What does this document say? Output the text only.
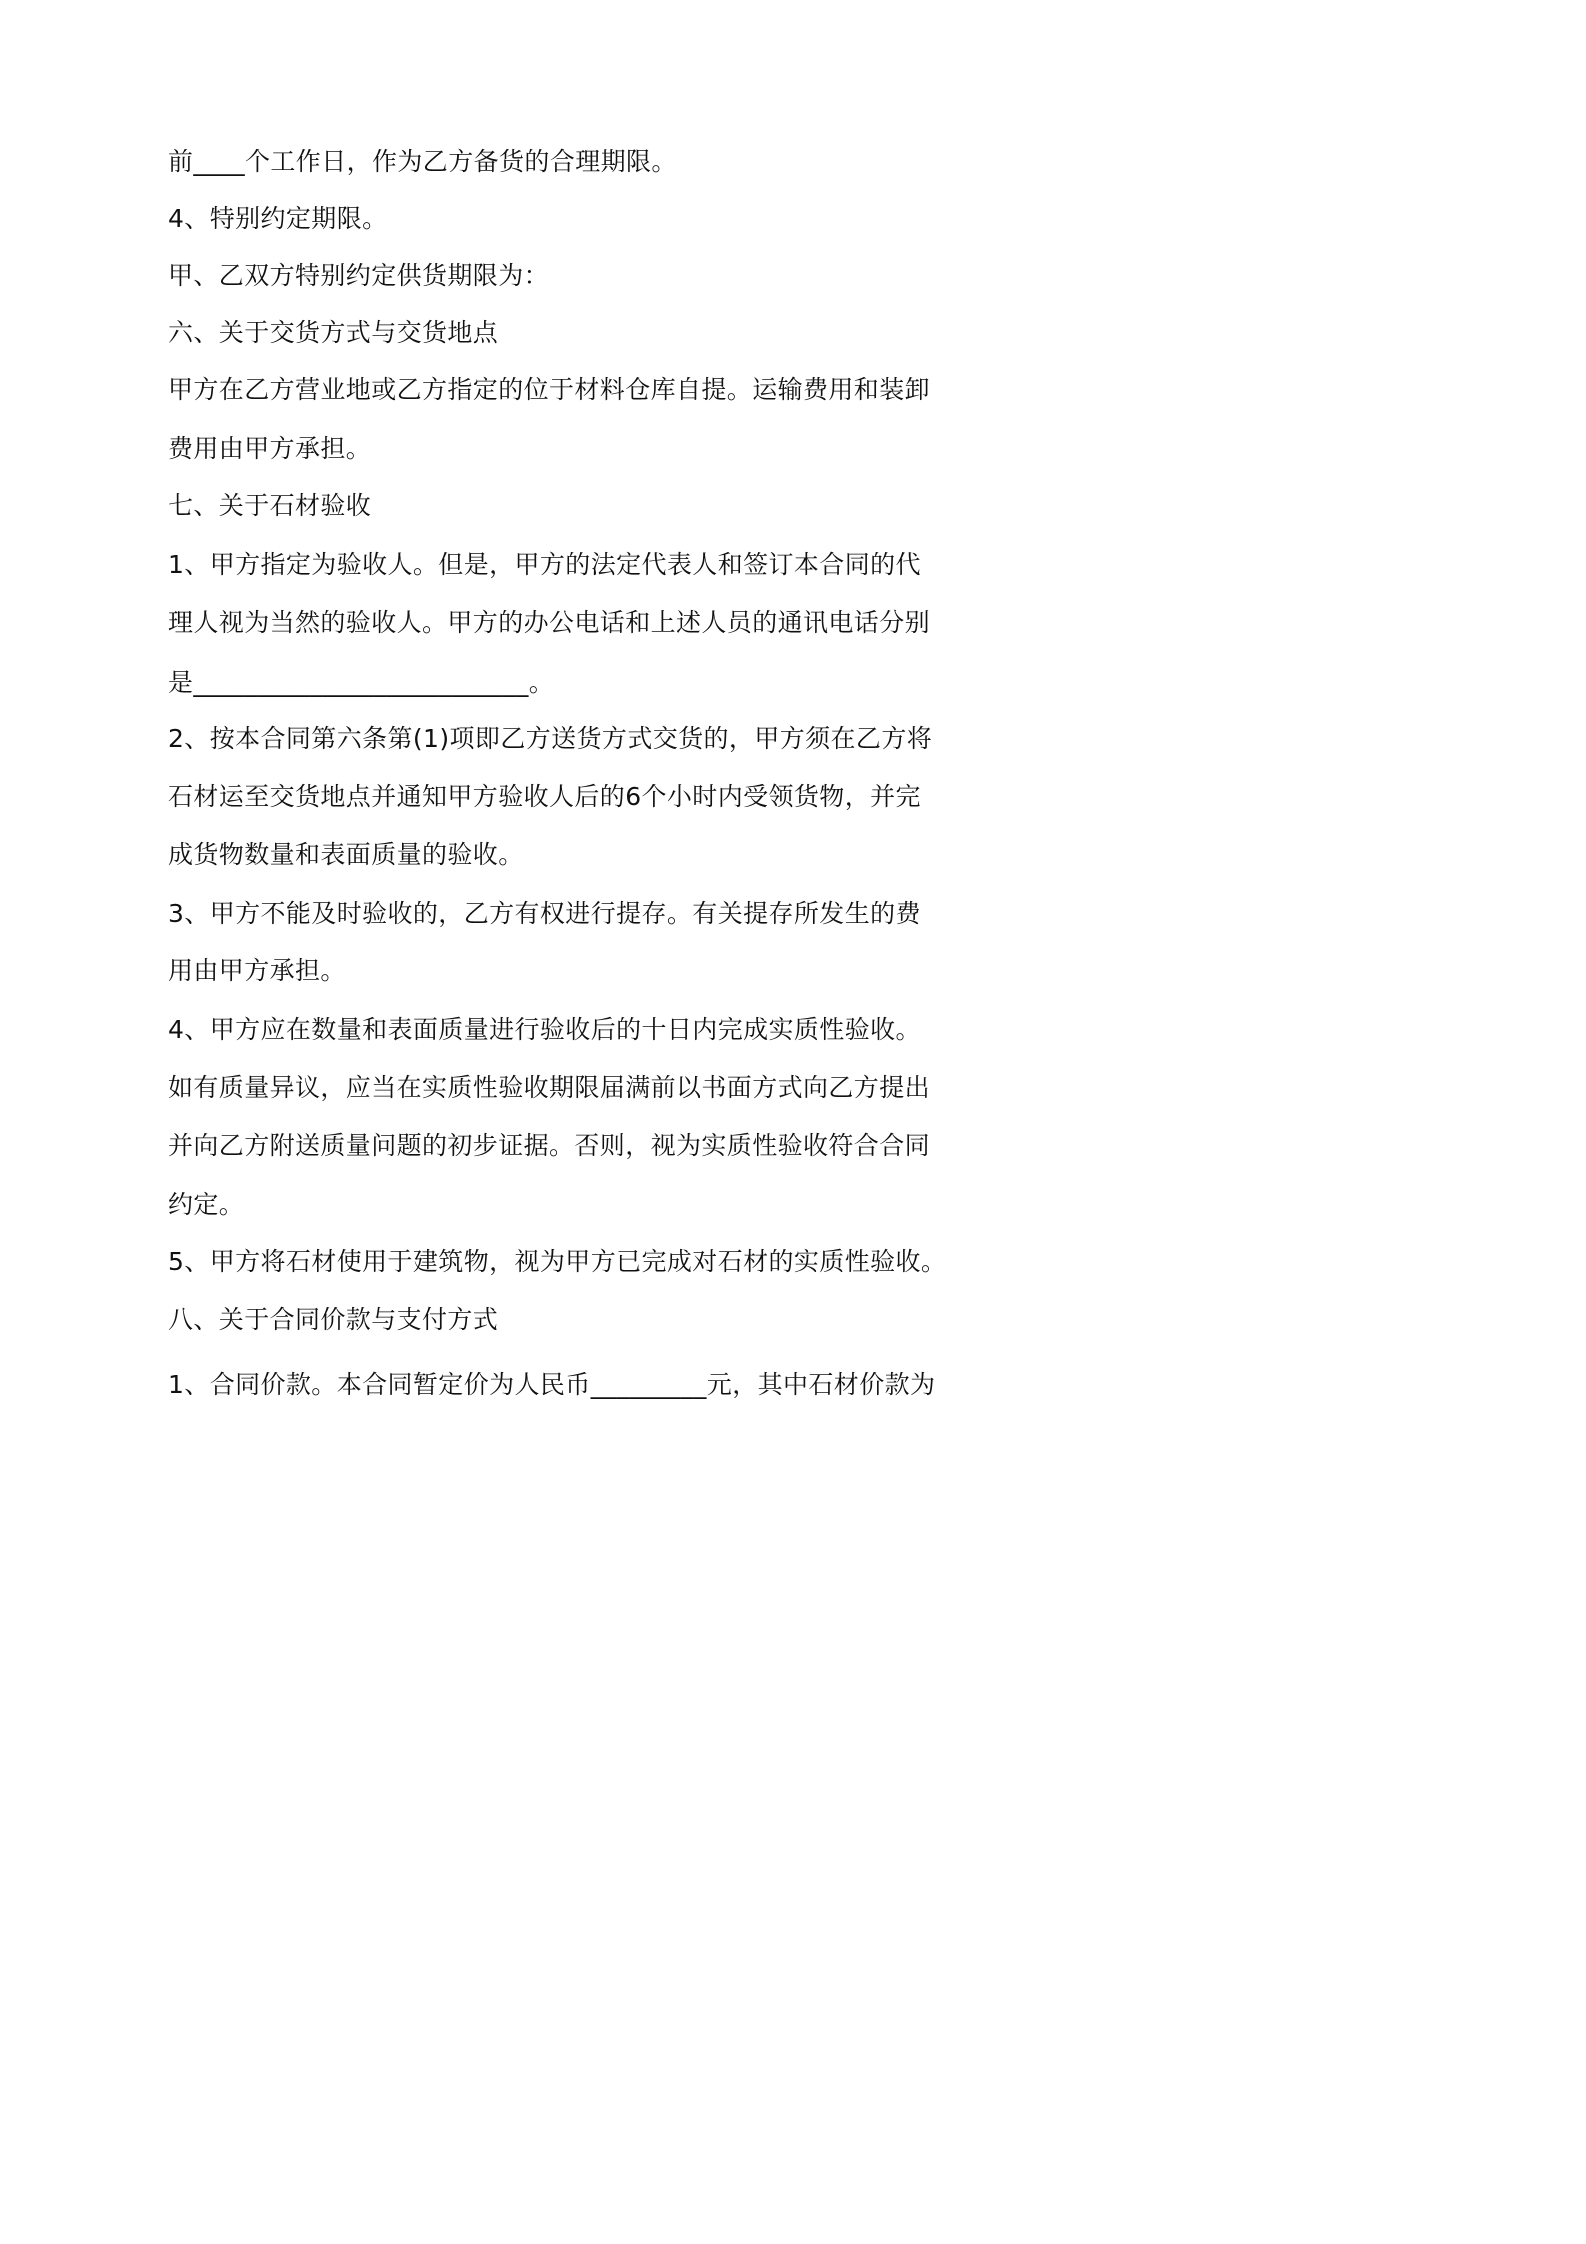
前____个工作日，作为乙方备货的合理期限。
4、特别约定期限。
甲、乙双方特别约定供货期限为：
六、关于交货方式与交货地点
甲方在乙方营业地或乙方指定的位于材料仓库自提。运输费用和装卸
费用由甲方承担。
七、关于石材验收
1、甲方指定为验收人。但是，甲方的法定代表人和签订本合同的代
理人视为当然的验收人。甲方的办公电话和上述人员的通讯电话分别
是__________________________。
2、按本合同第六条第(1)项即乙方送货方式交货的，甲方须在乙方将
石材运至交货地点并通知甲方验收人后的6个小时内受领货物，并完
成货物数量和表面质量的验收。
3、甲方不能及时验收的，乙方有权进行提存。有关提存所发生的费
用由甲方承担。
4、甲方应在数量和表面质量进行验收后的十日内完成实质性验收。
如有质量异议，应当在实质性验收期限届满前以书面方式向乙方提出
并向乙方附送质量问题的初步证据。否则，视为实质性验收符合合同
约定。
5、甲方将石材使用于建筑物，视为甲方已完成对石材的实质性验收。
八、关于合同价款与支付方式
1、合同价款。本合同暂定价为人民币_________元，其中石材价款为
